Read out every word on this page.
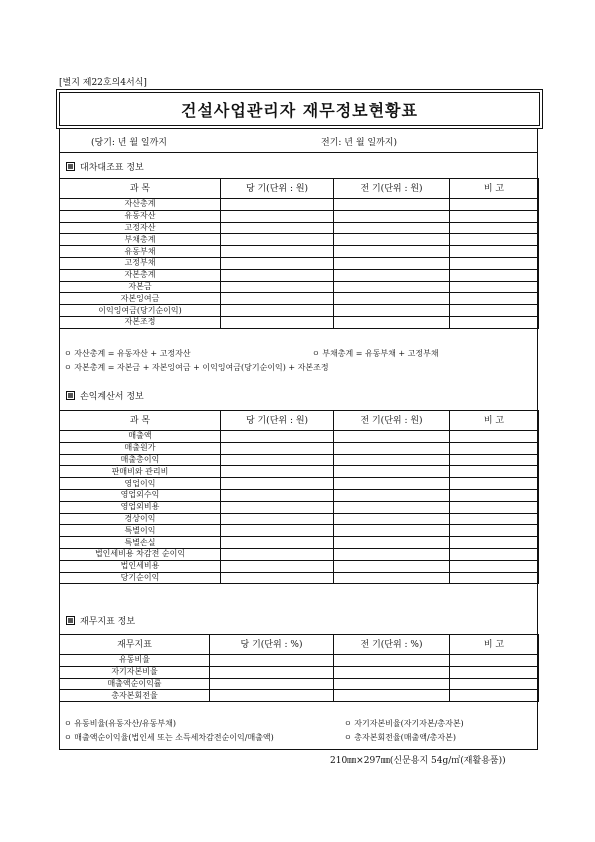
[별지 제22호의4서식]
건설사업관리자 재무정보현황표
(당기: 년 월 일까지	전기: 년 월 일까지)
대차대조표 정보
과 목	당 기(단위 : 원)	전 기(단위 : 원)	비 고
자산총계			
유동자산			
고정자산			
부채총계			
유동부채			
고정부채			
자본총계			
자본금			
자본잉여금			
이익잉여금(당기순이익)			
자본조정			
ㅇ 자산총계 = 유동자산 + 고정자산	ㅇ 부채총계 = 유동부채 + 고정부채
ㅇ 자본총계 = 자본금 + 자본잉여금 + 이익잉여금(당기순이익) + 자본조정
손익계산서 정보
과 목	당 기(단위 : 원)	전 기(단위 : 원)	비 고
매출액			
매출원가			
매출총이익			
판매비와 관리비			
영업이익			
영업외수익			
영업외비용			
경상이익			
특별이익			
특별손실			
법인세비용 차감전 순이익			
법인세비용			
당기순이익			
재무지표 정보
재무지표	당 기(단위 : %)	전 기(단위 : %)	비 고
유동비율			
자기자본비율			
매출액순이익률			
총자본회전율			
ㅇ 유동비율(유동자산/유동부채)	ㅇ 자기자본비율(자기자본/총자본)
ㅇ 매출액순이익율(법인세 또는 소득세차감전순이익/매출액)	ㅇ 총자본회전율(매출액/총자본)
210㎜×297㎜(신문용지 54g/㎡(재활용품))
